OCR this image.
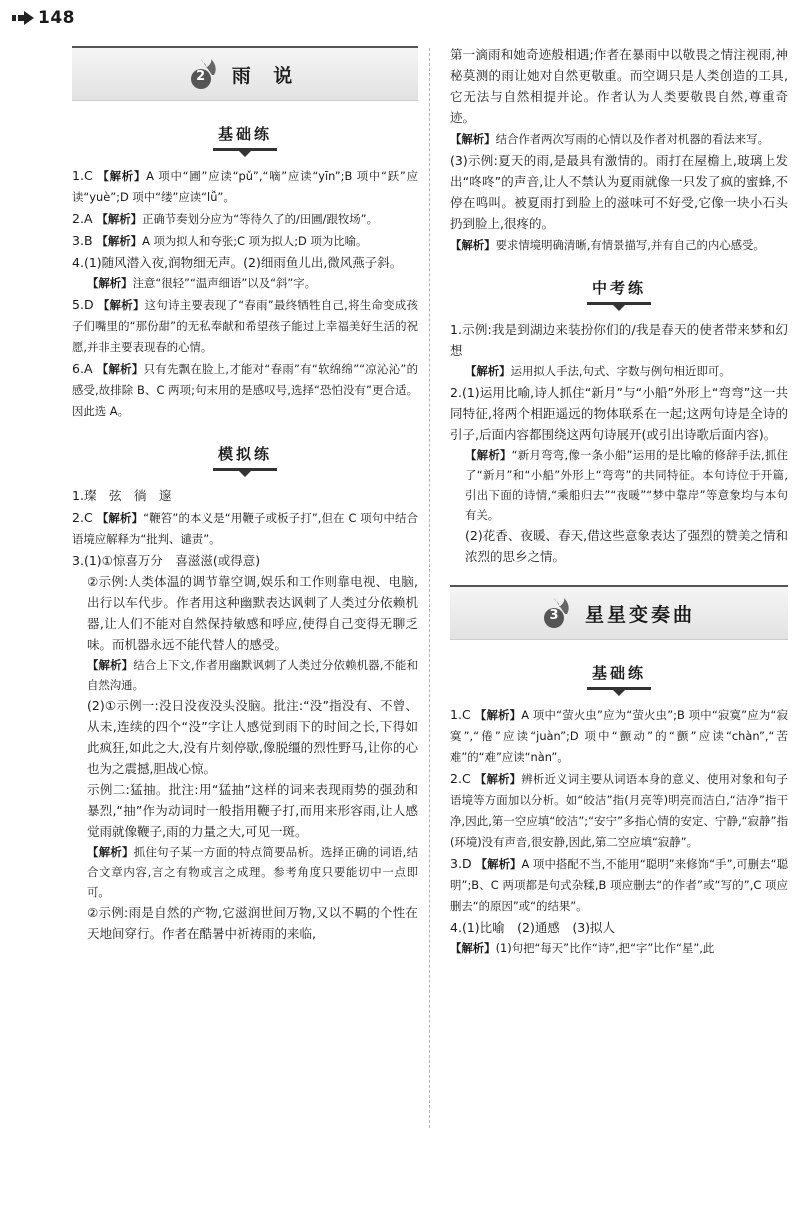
148
2	雨 说
基础练
1.C 【解析】A 项中“圃”应读“pǔ”,“嘀”应读“yīn”;B 项中“跃”应读“yuè”;D 项中“缕”应读“lǚ”。
2.A 【解析】正确节奏划分应为“等待久了的/田圃/跟牧场”。
3.B 【解析】A 项为拟人和夸张;C 项为拟人;D 项为比喻。
4.(1)随风潜入夜,润物细无声。(2)细雨鱼儿出,微风燕子斜。
【解析】注意“很轻”“温声细语”以及“斜”字。
5.D 【解析】这句诗主要表现了“春雨”最终牺牲自己,将生命变成孩子们嘴里的“那份甜”的无私奉献和希望孩子能过上幸福美好生活的祝愿,并非主要表现春的心情。
6.A 【解析】只有先飘在脸上,才能对“春雨”有“软绵绵”“凉沁沁”的感受,故排除 B、C 两项;句末用的是感叹号,选择“恐怕没有”更合适。因此选 A。
模拟练
1.璨　弦　徜　邃
2.C 【解析】“鞭笞”的本义是“用鞭子或板子打”,但在 C 项句中结合语境应解释为“批判、谴责”。
3.(1)①惊喜万分　喜滋滋(或得意)
②示例:人类体温的调节靠空调,娱乐和工作则靠电视、电脑,出行以车代步。作者用这种幽默表达讽刺了人类过分依赖机器,让人们不能对自然保持敏感和呼应,使得自己变得无聊乏味。而机器永远不能代替人的感受。
【解析】结合上下文,作者用幽默讽刺了人类过分依赖机器,不能和自然沟通。
(2)①示例一:没日没夜没头没脑。批注:“没”指没有、不曾、从未,连续的四个“没”字让人感觉到雨下的时间之长,下得如此疯狂,如此之大,没有片刻停歇,像脱缰的烈性野马,让你的心也为之震撼,胆战心惊。
示例二:猛抽。批注:用“猛抽”这样的词来表现雨势的强劲和暴烈,“抽”作为动词时一般指用鞭子打,而用来形容雨,让人感觉雨就像鞭子,雨的力量之大,可见一斑。
【解析】抓住句子某一方面的特点简要品析。选择正确的词语,结合文章内容,言之有物或言之成理。参考角度只要能切中一点即可。
②示例:雨是自然的产物,它滋润世间万物,又以不羁的个性在天地间穿行。作者在酷暑中祈祷雨的来临,
第一滴雨和她奇迹般相遇;作者在暴雨中以敬畏之情注视雨,神秘莫测的雨让她对自然更敬重。而空调只是人类创造的工具,它无法与自然相提并论。作者认为人类要敬畏自然,尊重奇迹。
【解析】结合作者两次写雨的心情以及作者对机器的看法来写。
(3)示例:夏天的雨,是最具有激情的。雨打在屋檐上,玻璃上发出“咚咚”的声音,让人不禁认为夏雨就像一只发了疯的蜜蜂,不停在鸣叫。被夏雨打到脸上的滋味可不好受,它像一块小石头扔到脸上,很疼的。
【解析】要求情境明确清晰,有情景描写,并有自己的内心感受。
中考练
1.示例:我是到湖边来装扮你们的/我是春天的使者带来梦和幻想
【解析】运用拟人手法,句式、字数与例句相近即可。
2.(1)运用比喻,诗人抓住“新月”与“小船”外形上“弯弯”这一共同特征,将两个相距遥远的物体联系在一起;这两句诗是全诗的引子,后面内容都围绕这两句诗展开(或引出诗歌后面内容)。
【解析】“新月弯弯,像一条小船”运用的是比喻的修辞手法,抓住了“新月”和“小船”外形上“弯弯”的共同特征。本句诗位于开篇,引出下面的诗情,“乘船归去”“夜暖”“梦中靠岸”等意象均与本句有关。
(2)花香、夜暖、春天,借这些意象表达了强烈的赞美之情和浓烈的思乡之情。
3	星星变奏曲
基础练
1.C 【解析】A 项中“萤火虫”应为“萤火虫”;B 项中“寂寞”应为“寂寞”,“倦”应读“juàn”;D 项中“颤动”的“颤”应读“chàn”,“苦难”的“难”应读“nàn”。
2.C 【解析】辨析近义词主要从词语本身的意义、使用对象和句子语境等方面加以分析。如“皎洁”指(月亮等)明亮而洁白,“洁净”指干净,因此,第一空应填“皎洁”;“安宁”多指心情的安定、宁静,“寂静”指(环境)没有声音,很安静,因此,第二空应填“寂静”。
3.D 【解析】A 项中搭配不当,不能用“聪明”来修饰“手”,可删去“聪明”;B、C 两项都是句式杂糅,B 项应删去“的作者”或“写的”,C 项应删去“的原因”或“的结果”。
4.(1)比喻　(2)通感　(3)拟人
【解析】(1)句把“每天”比作“诗”,把“字”比作“星”,此
